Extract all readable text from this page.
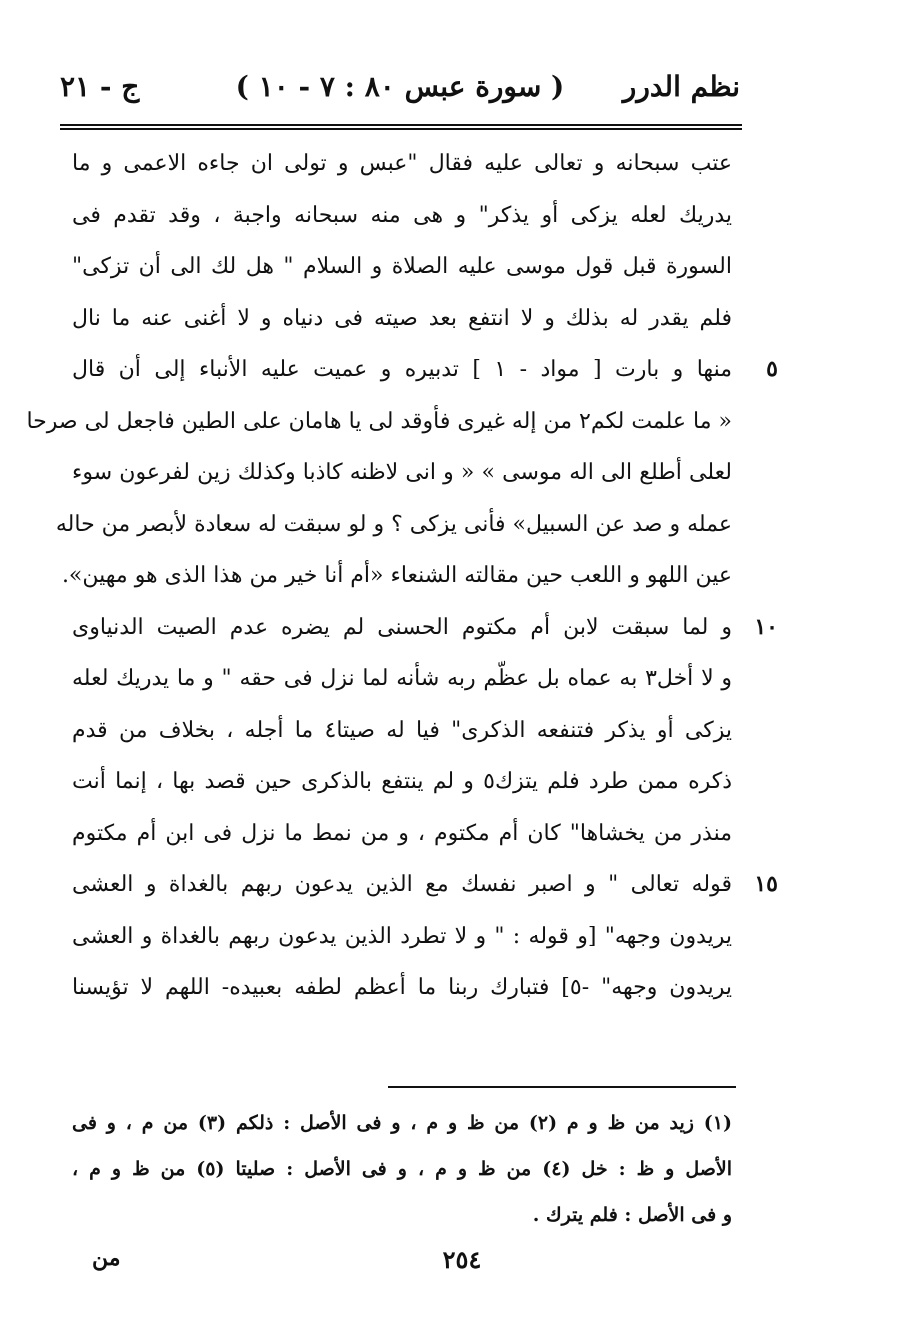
نظم الدرر
( سورة عبس ٨٠ : ٧ - ١٠ )
ج - ٢١
عتب سبحانه و تعالى عليه فقال "عبس و تولى ان جاءه الاعمى و ما
يدريك لعله يزكى أو يذكر" و هى منه سبحانه واجبة ، وقد تقدم فى
السورة قبل قول موسى عليه الصلاة و السلام " هل لك الى أن تزكى"
فلم يقدر له بذلك و لا انتفع بعد صيته فى دنياه و لا أغنى عنه ما نال
٥
منها و بارت [ مواد - ١ ] تدبيره و عميت عليه الأنباء إلى أن قال
« ما علمت لكم٢ من إله غيرى فأوقد لى يا هامان على الطين فاجعل لى صرحا
لعلى أطلع الى اله موسى » « و انى لاظنه كاذبا وكذلك زين لفرعون سوء
عمله و صد عن السبيل» فأنى يزكى ؟ و لو سبقت له سعادة لأبصر من حاله
عين اللهو و اللعب حين مقالته الشنعاء «أم أنا خير من هذا الذى هو مهين».
١٠
و لما سبقت لابن أم مكتوم الحسنى لم يضره عدم الصيت الدنياوى
و لا أخل٣ به عماه بل عظّم ربه شأنه لما نزل فى حقه " و ما يدريك لعله
يزكى أو يذكر فتنفعه الذكرى" فيا له صيتا٤ ما أجله ، بخلاف من قدم
ذكره ممن طرد فلم يتزك٥ و لم ينتفع بالذكرى حين قصد بها ، إنما أنت
منذر من يخشاها" كان أم مكتوم ، و من نمط ما نزل فى ابن أم مكتوم
١٥
قوله تعالى " و اصبر نفسك مع الذين يدعون ربهم بالغداة و العشى
يريدون وجهه" [و قوله : " و لا تطرد الذين يدعون ربهم بالغداة و العشى
يريدون وجهه" -٥] فتبارك ربنا ما أعظم لطفه بعبيده- اللهم لا تؤيسنا
(١) زيد من ظ و م (٢) من ظ و م ، و فى الأصل : ذلكم (٣) من م ، و فى
الأصل و ظ : خل (٤) من ظ و م ، و فى الأصل : صليتا (٥) من ظ و م ،
و فى الأصل : فلم يترك .
٢٥٤
من
